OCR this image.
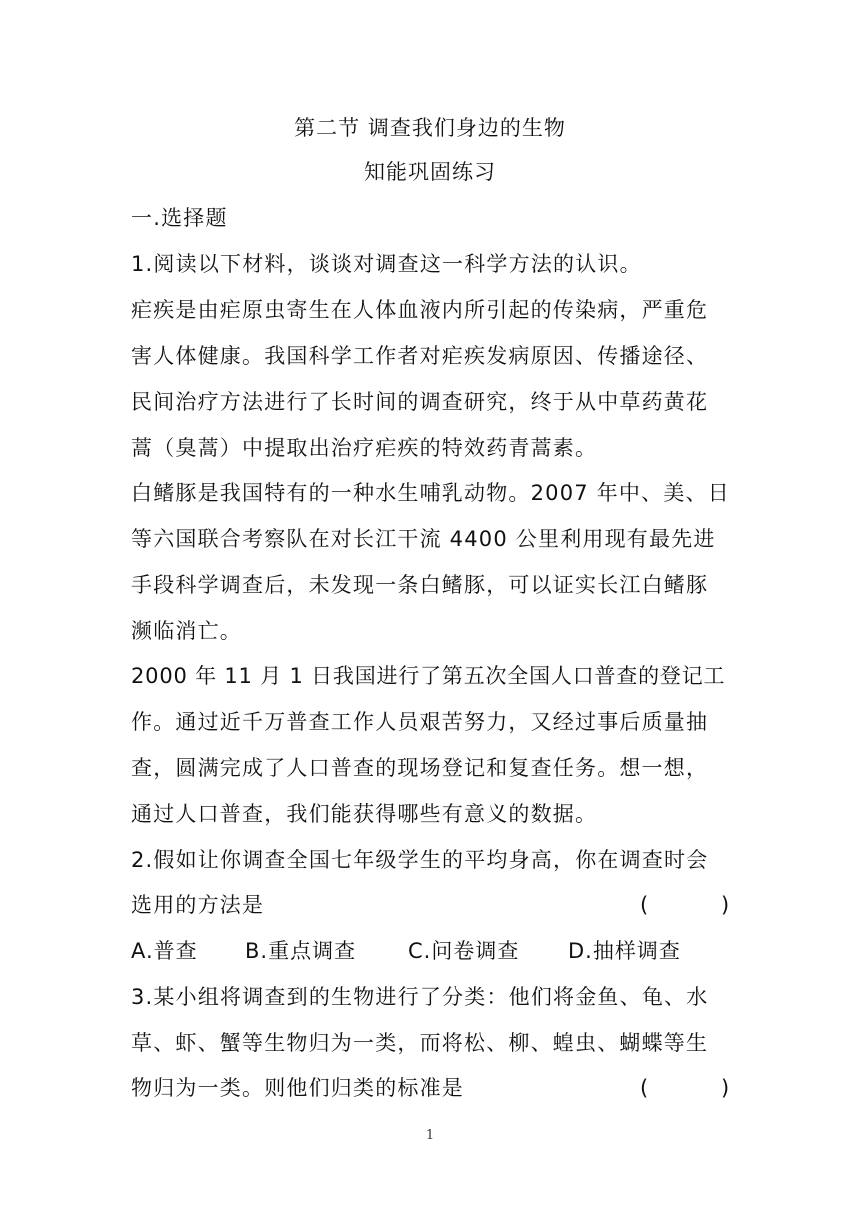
第二节 调查我们身边的生物
知能巩固练习
一.选择题
1.阅读以下材料，谈谈对调查这一科学方法的认识。
疟疾是由疟原虫寄生在人体血液内所引起的传染病，严重危
害人体健康。我国科学工作者对疟疾发病原因、传播途径、
民间治疗方法进行了长时间的调查研究，终于从中草药黄花
蒿（臭蒿）中提取出治疗疟疾的特效药青蒿素。
白鳍豚是我国特有的一种水生哺乳动物。2007 年中、美、日
等六国联合考察队在对长江干流 4400 公里利用现有最先进
手段科学调查后，未发现一条白鳍豚，可以证实长江白鳍豚
濒临消亡。
2000 年 11 月 1 日我国进行了第五次全国人口普查的登记工
作。通过近千万普查工作人员艰苦努力，又经过事后质量抽
查，圆满完成了人口普查的现场登记和复查任务。想一想，
通过人口普查，我们能获得哪些有意义的数据。
2.假如让你调查全国七年级学生的平均身高，你在调查时会
选用的方法是	(	)
A.普查 B.重点调查 C.问卷调查 D.抽样调查
3.某小组将调查到的生物进行了分类：他们将金鱼、龟、水
草、虾、蟹等生物归为一类，而将松、柳、蝗虫、蝴蝶等生
物归为一类。则他们归类的标准是	(	)
1
